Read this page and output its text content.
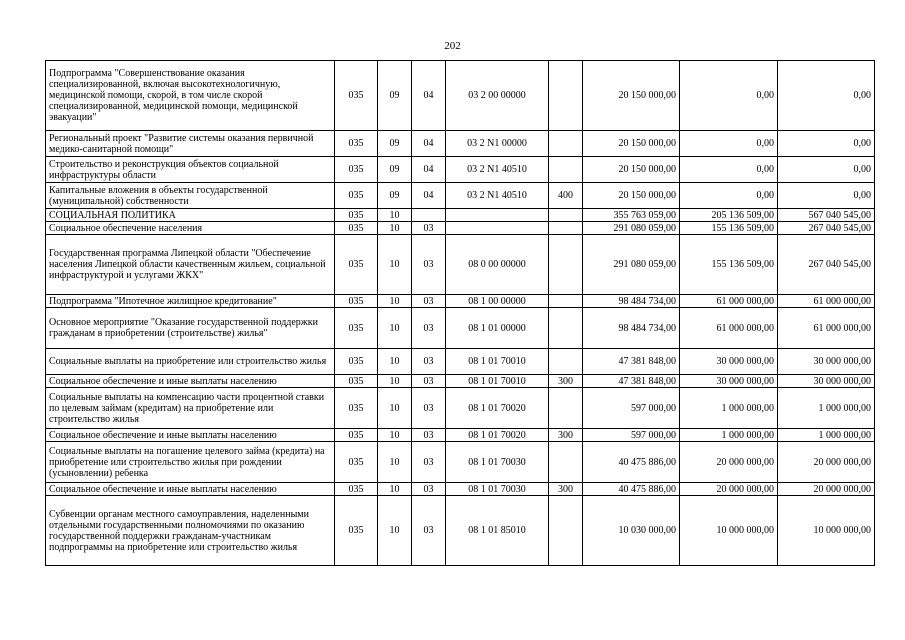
202
Подпрограмма "Совершенствование оказания специализированной, включая высокотехнологичную, медицинской помощи, скорой, в том числе скорой специализированной, медицинской помощи, медицинской эвакуации"	035	09	04	03 2 00 00000		20 150 000,00	0,00	0,00
Региональный проект "Развитие системы оказания первичной медико-санитарной помощи"	035	09	04	03 2 N1 00000		20 150 000,00	0,00	0,00
Строительство и реконструкция объектов социальной инфраструктуры области	035	09	04	03 2 N1 40510		20 150 000,00	0,00	0,00
Капитальные вложения в объекты государственной (муниципальной) собственности	035	09	04	03 2 N1 40510	400	20 150 000,00	0,00	0,00
СОЦИАЛЬНАЯ ПОЛИТИКА	035	10				355 763 059,00	205 136 509,00	567 040 545,00
Социальное обеспечение населения	035	10	03			291 080 059,00	155 136 509,00	267 040 545,00
Государственная программа Липецкой области "Обеспечение населения Липецкой области качественным жильем, социальной инфраструктурой и услугами ЖКХ"	035	10	03	08 0 00 00000		291 080 059,00	155 136 509,00	267 040 545,00
Подпрограмма "Ипотечное жилищное кредитование"	035	10	03	08 1 00 00000		98 484 734,00	61 000 000,00	61 000 000,00
Основное мероприятие "Оказание государственной поддержки гражданам в приобретении (строительстве) жилья"	035	10	03	08 1 01 00000		98 484 734,00	61 000 000,00	61 000 000,00
Социальные выплаты на приобретение или строительство жилья	035	10	03	08 1 01 70010		47 381 848,00	30 000 000,00	30 000 000,00
Социальное обеспечение и иные выплаты населению	035	10	03	08 1 01 70010	300	47 381 848,00	30 000 000,00	30 000 000,00
Социальные выплаты на компенсацию части процентной ставки по целевым займам (кредитам) на приобретение или строительство жилья	035	10	03	08 1 01 70020		597 000,00	1 000 000,00	1 000 000,00
Социальное обеспечение и иные выплаты населению	035	10	03	08 1 01 70020	300	597 000,00	1 000 000,00	1 000 000,00
Социальные выплаты на погашение целевого займа (кредита) на приобретение или строительство жилья при рождении (усыновлении) ребенка	035	10	03	08 1 01 70030		40 475 886,00	20 000 000,00	20 000 000,00
Социальное обеспечение и иные выплаты населению	035	10	03	08 1 01 70030	300	40 475 886,00	20 000 000,00	20 000 000,00
Субвенции органам местного самоуправления, наделенными отдельными государственными полномочиями по оказанию государственной поддержки гражданам-участникам подпрограммы на приобретение или строительство жилья	035	10	03	08 1 01 85010		10 030 000,00	10 000 000,00	10 000 000,00
